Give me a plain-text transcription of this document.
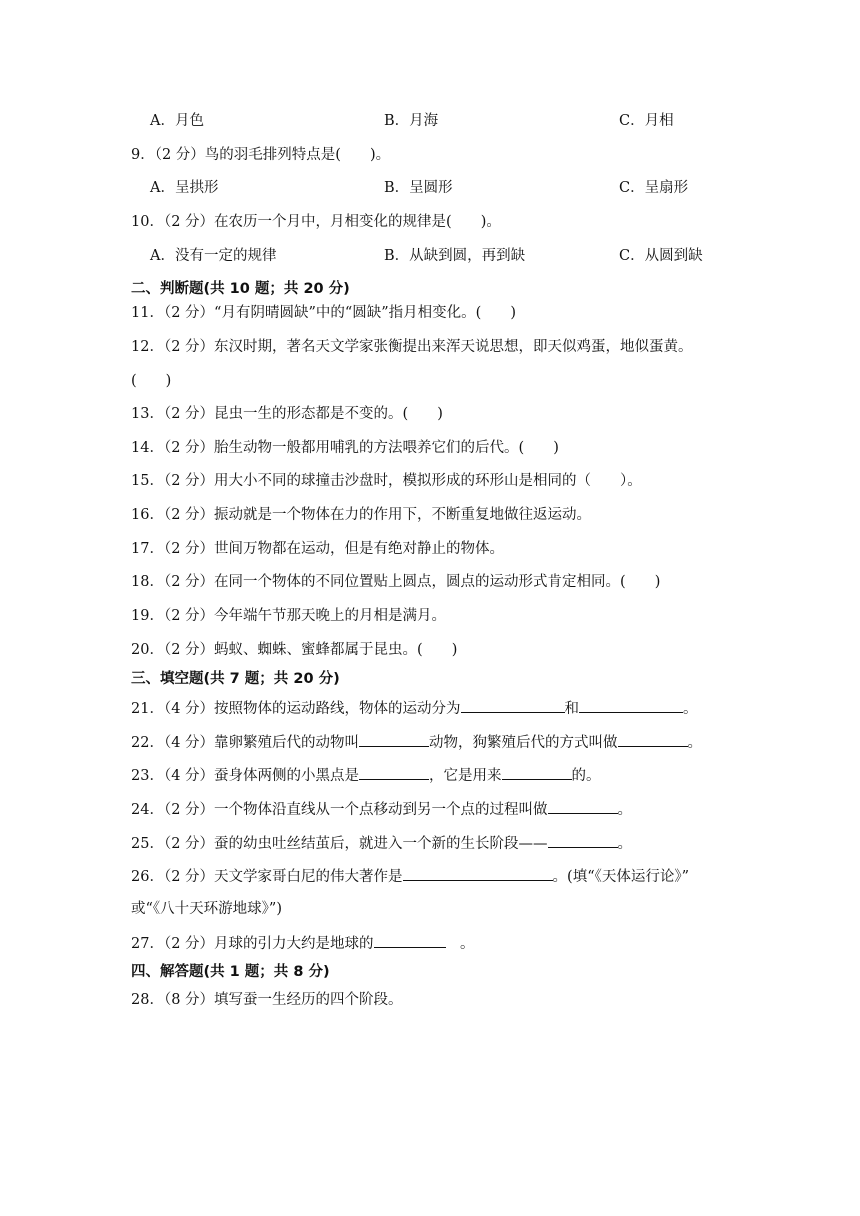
A．月色	B．月海	C．月相
9．（2 分）鸟的羽毛排列特点是(　　)。
A．呈拱形	B．呈圆形	C．呈扇形
10．（2 分）在农历一个月中，月相变化的规律是(　　)。
A．没有一定的规律	B．从缺到圆，再到缺	C．从圆到缺
二、判断题(共 10 题；共 20 分)
11．（2 分）“月有阴晴圆缺”中的“圆缺”指月相变化。(　　)
12．（2 分）东汉时期，著名天文学家张衡提出来浑天说思想，即天似鸡蛋，地似蛋黄。
(　　)
13．（2 分）昆虫一生的形态都是不变的。(　　)
14．（2 分）胎生动物一般都用哺乳的方法喂养它们的后代。(　　)
15．（2 分）用大小不同的球撞击沙盘时，模拟形成的环形山是相同的（　　）。
16．（2 分）振动就是一个物体在力的作用下，不断重复地做往返运动。
17．（2 分）世间万物都在运动，但是有绝对静止的物体。
18．（2 分）在同一个物体的不同位置贴上圆点，圆点的运动形式肯定相同。(　　)
19．（2 分）今年端午节那天晚上的月相是满月。
20．（2 分）蚂蚁、蜘蛛、蜜蜂都属于昆虫。(　　)
三、填空题(共 7 题；共 20 分)
21．（4 分）按照物体的运动路线，物体的运动分为	和	。
22．（4 分）靠卵繁殖后代的动物叫	动物，狗繁殖后代的方式叫做	。
23．（4 分）蚕身体两侧的小黑点是	，它是用来	的。
24．（2 分）一个物体沿直线从一个点移动到另一个点的过程叫做	。
25．（2 分）蚕的幼虫吐丝结茧后，就进入一个新的生长阶段——	。
26．（2 分）天文学家哥白尼的伟大著作是	。(填“《天体运行论》”
或“《八十天环游地球》”)
27．（2 分）月球的引力大约是地球的	　。
四、解答题(共 1 题；共 8 分)
28．（8 分）填写蚕一生经历的四个阶段。
